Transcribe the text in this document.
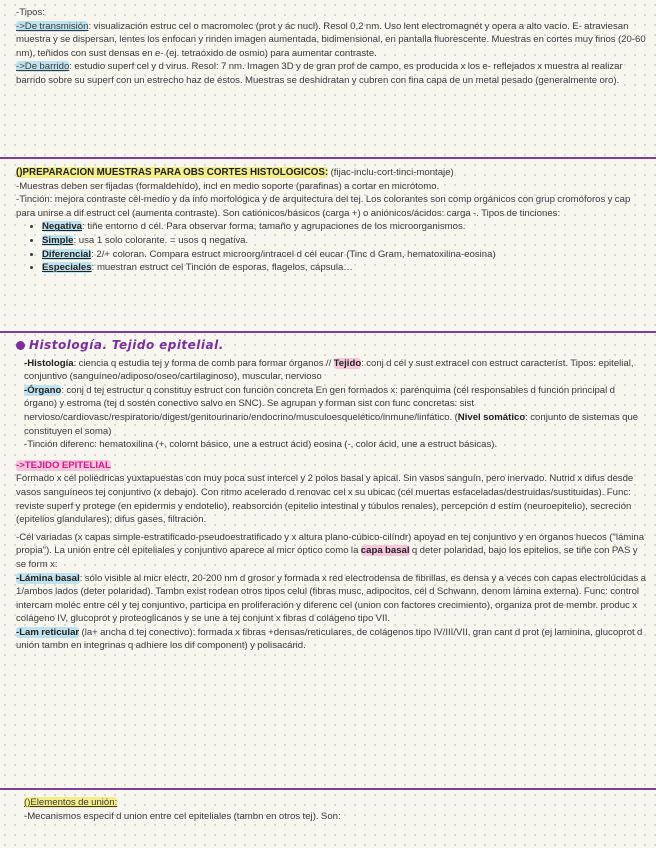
-Tipos:
->De transmisión: visualización estruc cel o macromolec (prot y ác nucl). Resol 0,2 nm. Uso lent electromagnét y opera a alto vacío. E- atraviesan muestra y se dispersan, lentes los enfocan y rinden imagen aumentada, bidimensional, en pantalla fluorescente. Muestras en cortes muy finos (20-60 nm), teñidos con sust densas en e- (ej. tetraóxido de osmio) para aumentar contraste.
->De barrido: estudio superf cel y d virus. Resol: 7 nm. Imagen 3D y de gran prof de campo, es producida x los e- reflejados x muestra al realizar barrido sobre su superf con un estrecho haz de éstos. Muestras se deshidratan y cubren con fina capa de un metal pesado (generalmente oro).
()PREPARACION MUESTRAS PARA OBS CORTES HISTOLOGICOS: (fijac-inclu-cort-tinci-montaje)
-Muestras deben ser fijadas (formaldehído), incl en medio soporte (parafinas) a cortar en micrótomo.
-Tinción: mejora contraste cél-medio y da info morfológica y de arquitectura del tej. Los colorantes son comp orgánicos con grup cromóforos y cap para unirse a dif estruct cel (aumenta contraste). Son catiónicos/básicos (carga +) o aniónicos/ácidos: carga -. Tipos de tinciones:
• Negativa: tiñe entorno d cél. Para observar forma, tamaño y agrupaciones de los microorganismos.
• Simple: usa 1 solo colorante. = usos q negativa.
• Diferencial: 2/+ coloran. Compara estruct microorg/intracel d cél eucar (Tinc d Gram, hematoxilina-eosina)
• Especiales: muestran estruct cel Tinción de esporas, flagelos, cápsula…
Histología. Tejido epitelial.
-Histología: ciencia q estudia tej y forma de comb para formar órganos // Tejido: conj d cél y sust extracel con estruct característ. Tipos: epitelial, conjuntivo (sanguíneo/adiposo/oseo/cartilaginoso), muscular, nervioso
-Órgano: conj d tej estructur q constituy estruct con función concreta En gen formados x: parénquima (cél responsables d función principal d órgano) y estroma (tej d sostén conectivo salvo en SNC). Se agrupan y forman sist con func concretas: sist nervioso/cardiovasc/respiratorio/digest/genitourinario/endocrino/musculoesquelético/inmune/linfático. (Nivel somático: conjunto de sistemas que constituyen el soma)
-Tinción diferenc: hematoxilina (+, colornt básico, une a estruct ácid) eosina (-, color ácid, une a estruct básicas).
->TEJIDO EPITELIAL
Formado x cél poliédricas yuxtapuestas con muy poca sust intercel y 2 polos basal y apical. Sin vasos sanguín, pero inervado. Nutrid x difus desde vasos sanguíneos tej conjuntivo (x debajo). Con ritmo acelerado d renovac cel x su ubicac (cél muertas esfaceladas/destruidas/sustituidas). Func: reviste superf y protege (en epidermis y endotelio), reabsorción (epitelio intestinal y túbulos renales), percepción d estím (neuroepitelio), secreción (epitelios glandulares); difus gases, filtración.
-Cél variadas (x capas simple-estratificado-pseudoestratificado y x altura plano-cúbico-cilíndr) apoyad en tej conjuntivo y en órganos huecos ("lámina propia"). La unión entre cél epiteliales y conjuntivo aparece al micr óptico como la capa basal q deter polaridad, bajo los epitelios, se tiñe con PAS y se form x:
-Lámina basal: sólo visible al micr electr, 20-200 nm d grosor y formada x red electrodensa de fibrillas, es densa y a veces con capas electrolúcidas a 1/ambos lados (deter polaridad). Tambn exist rodean otros tipos celul (fibras musc, adipocitos, cél d Schwann, denom lámina externa). Func: control intercam moléc entre cél y tej conjuntivo, participa en proliferación y diferenc cel (union con factores crecimiento), organiza prot de membr. produc x colágeno IV, glucoprot y proteoglicanos y se une a tej conjunt x fibras d colágeno tipo VII.
-Lam reticular (la+ ancha d tej conectivo): formada x fibras +densas/reticulares, de colágenos tipo IV/III/VII, gran cant d prot (ej laminina, glucoprot d unión tambn en integrinas q adhiere los dif component) y polisacárid.
()Elementos de unión:
-Mecanismos especif d union entre cel epiteliales (tambn en otros tej). Son:
